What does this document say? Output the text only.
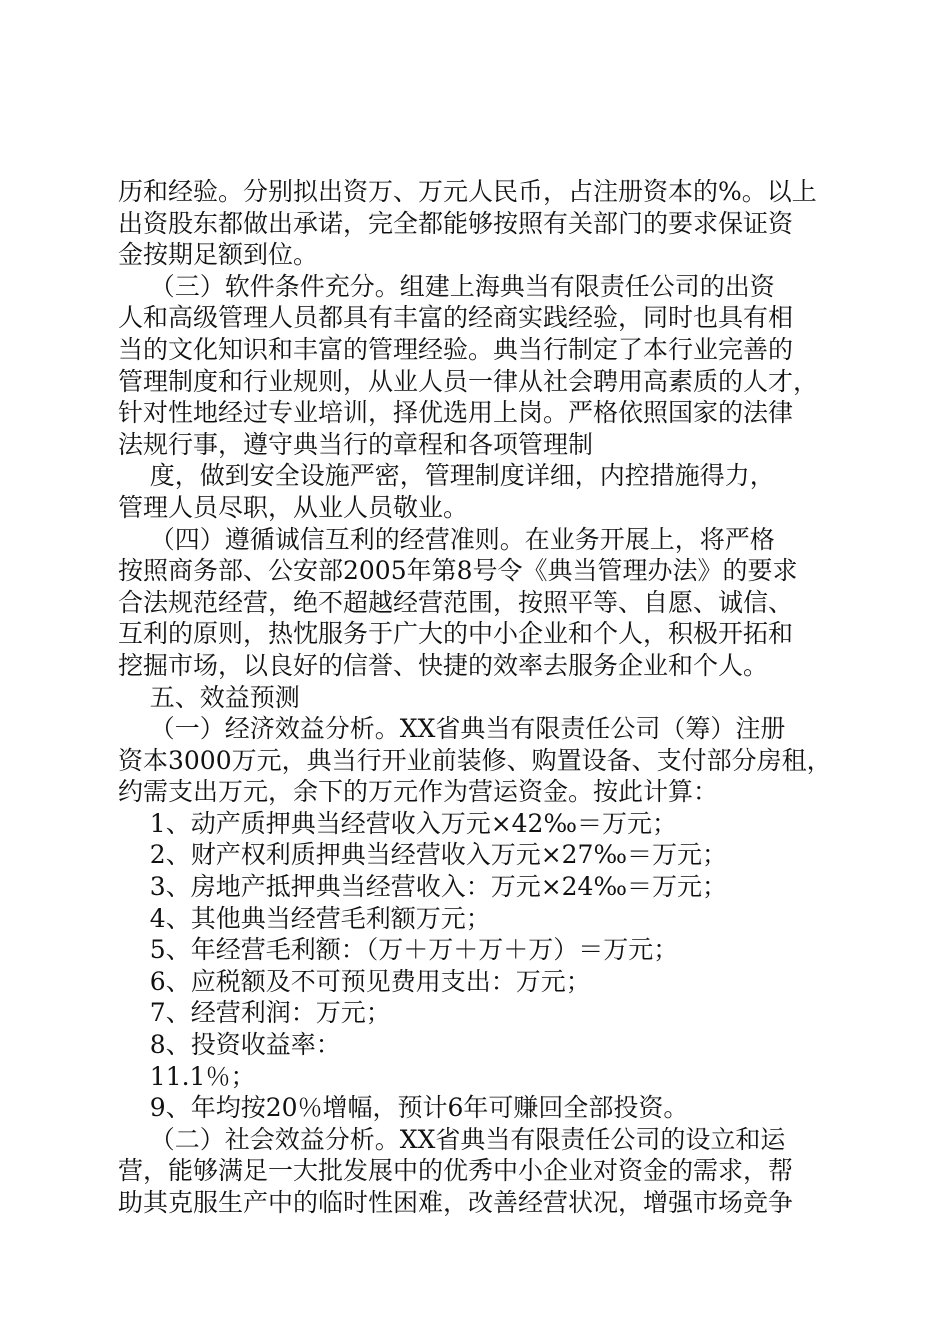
历和经验。分别拟出资万、万元人民币，占注册资本的%。以上

出资股东都做出承诺，完全都能够按照有关部门的要求保证资

金按期足额到位。

（三）软件条件充分。组建上海典当有限责任公司的出资

人和高级管理人员都具有丰富的经商实践经验，同时也具有相

当的文化知识和丰富的管理经验。典当行制定了本行业完善的

管理制度和行业规则，从业人员一律从社会聘用高素质的人才，

针对性地经过专业培训，择优选用上岗。严格依照国家的法律

法规行事，遵守典当行的章程和各项管理制

度，做到安全设施严密，管理制度详细，内控措施得力，

管理人员尽职，从业人员敬业。

（四）遵循诚信互利的经营准则。在业务开展上，将严格

按照商务部、公安部2005年第8号令《典当管理办法》的要求

合法规范经营，绝不超越经营范围，按照平等、自愿、诚信、

互利的原则，热忱服务于广大的中小企业和个人，积极开拓和

挖掘市场，以良好的信誉、快捷的效率去服务企业和个人。

五、效益预测

（一）经济效益分析。XX省典当有限责任公司（筹）注册

资本3000万元，典当行开业前装修、购置设备、支付部分房租，

约需支出万元，余下的万元作为营运资金。按此计算：

1、动产质押典当经营收入万元×42‰＝万元；

2、财产权利质押典当经营收入万元×27‰＝万元；

3、房地产抵押典当经营收入：万元×24‰＝万元；

4、其他典当经营毛利额万元；

5、年经营毛利额：（万＋万＋万＋万）＝万元；

6、应税额及不可预见费用支出：万元；

7、经营利润：万元；

8、投资收益率：

11.1％；

9、年均按20％增幅，预计6年可赚回全部投资。

（二）社会效益分析。XX省典当有限责任公司的设立和运

营，能够满足一大批发展中的优秀中小企业对资金的需求，帮

助其克服生产中的临时性困难，改善经营状况，增强市场竞争
